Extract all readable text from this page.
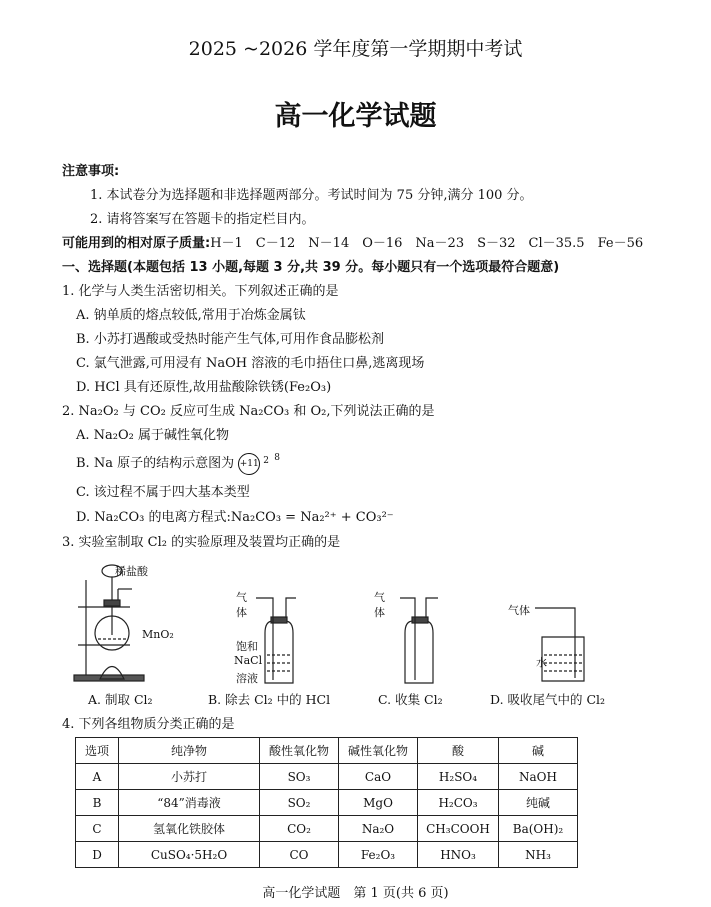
2025 ~2026 学年度第一学期期中考试
高一化学试题
注意事项:
1. 本试卷分为选择题和非选择题两部分。考试时间为 75 分钟,满分 100 分。
2. 请将答案写在答题卡的指定栏目内。
可能用到的相对原子质量:H－1　C－12　N－14　O－16　Na－23　S－32　Cl－35.5　Fe－56
一、选择题(本题包括 13 小题,每题 3 分,共 39 分。每小题只有一个选项最符合题意)
1. 化学与人类生活密切相关。下列叙述正确的是
A. 钠单质的熔点较低,常用于冶炼金属钛
B. 小苏打遇酸或受热时能产生气体,可用作食品膨松剂
C. 氯气泄露,可用浸有 NaOH 溶液的毛巾捂住口鼻,逃离现场
D. HCl 具有还原性,故用盐酸除铁锈(Fe₂O₃)
2. Na₂O₂ 与 CO₂ 反应可生成 Na₂CO₃ 和 O₂,下列说法正确的是
A. Na₂O₂ 属于碱性氧化物
B. Na 原子的结构示意图为 +11 2 8
C. 该过程不属于四大基本类型
D. Na₂CO₃ 的电离方程式:Na₂CO₃ = Na₂²⁺ + CO₃²⁻
3. 实验室制取 Cl₂ 的实验原理及装置均正确的是
稀盐酸
MnO₂
气
体
饱和
NaCl
溶液
气
体	气体
水
A. 制取 Cl₂	B. 除去 Cl₂ 中的 HCl	C. 收集 Cl₂	D. 吸收尾气中的 Cl₂
4. 下列各组物质分类正确的是
选项	纯净物	酸性氧化物	碱性氧化物	酸	碱
A	小苏打	SO₃	CaO	H₂SO₄	NaOH
B	“84”消毒液	SO₂	MgO	H₂CO₃	纯碱
C	氢氧化铁胶体	CO₂	Na₂O	CH₃COOH	Ba(OH)₂
D	CuSO₄·5H₂O	CO	Fe₂O₃	HNO₃	NH₃
高一化学试题　第 1 页(共 6 页)
